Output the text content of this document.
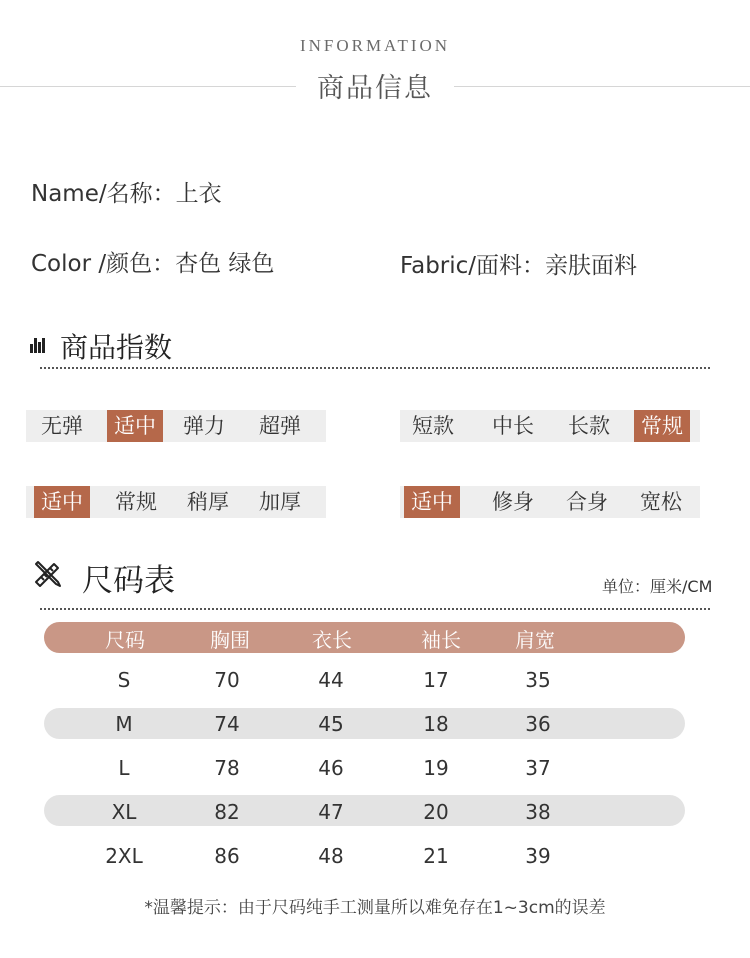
INFORMATION
商品信息
Name/名称：上衣
Color /颜色：杏色 绿色	Fabric/面料：亲肤面料
商品指数
无弹	适中	弹力	超弹	短款	中长	长款	常规
适中	常规	稍厚	加厚	适中	修身	合身	宽松
尺码表	单位：厘米/CM
尺码	胸围	衣长	袖长	肩宽
S	70	44	17	35
M	74	45	18	36
L	78	46	19	37
XL	82	47	20	38
2XL	86	48	21	39
*温馨提示：由于尺码纯手工测量所以难免存在1~3cm的误差
